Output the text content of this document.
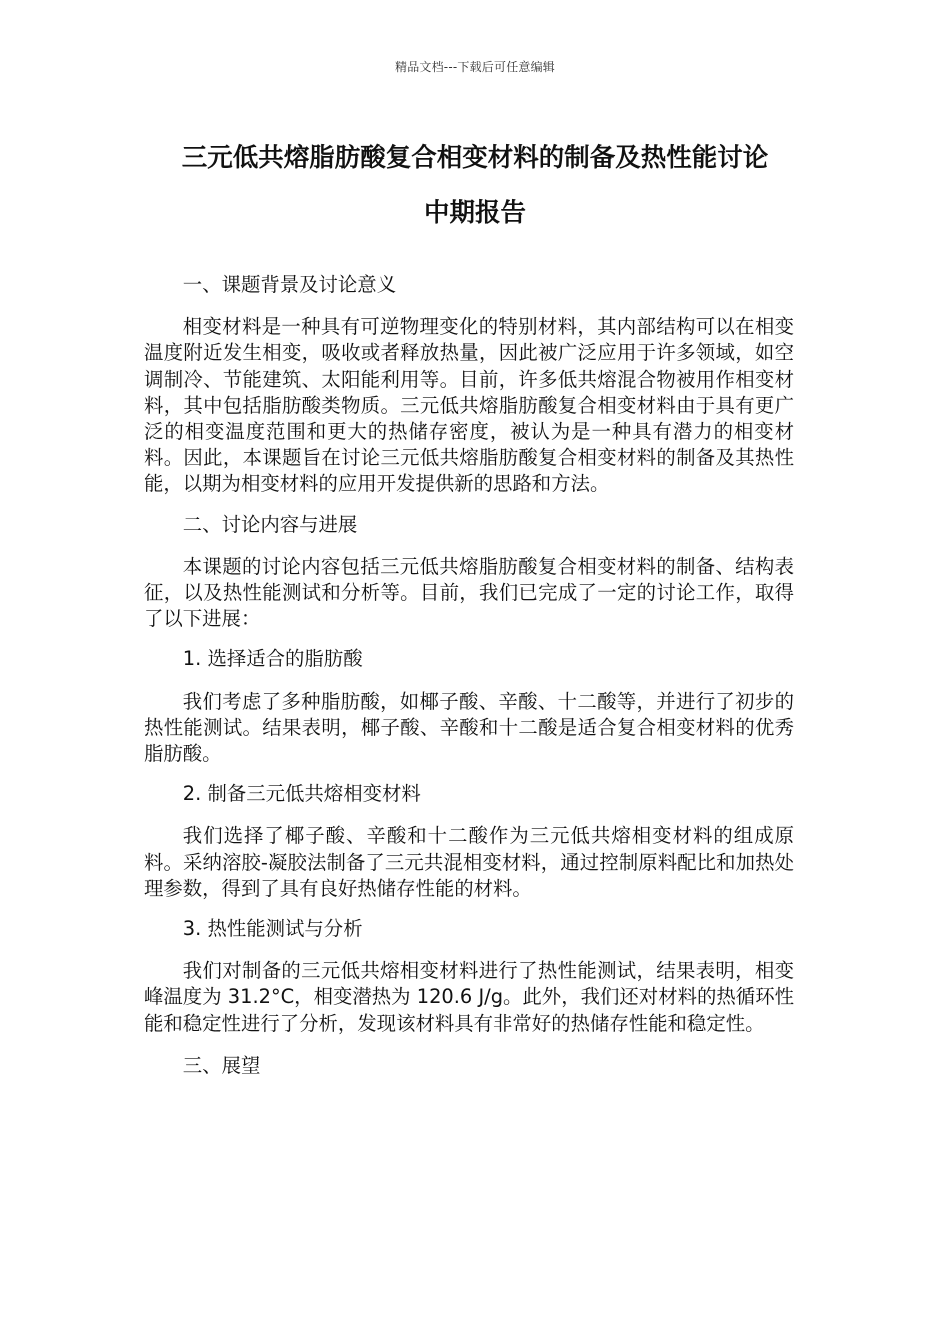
精品文档---下载后可任意编辑
三元低共熔脂肪酸复合相变材料的制备及热性能讨论
中期报告
一、课题背景及讨论意义

相变材料是一种具有可逆物理变化的特别材料，其内部结构可以在相变温度附近发生相变，吸收或者释放热量，因此被广泛应用于许多领域，如空调制冷、节能建筑、太阳能利用等。目前，许多低共熔混合物被用作相变材料，其中包括脂肪酸类物质。三元低共熔脂肪酸复合相变材料由于具有更广泛的相变温度范围和更大的热储存密度，被认为是一种具有潜力的相变材料。因此，本课题旨在讨论三元低共熔脂肪酸复合相变材料的制备及其热性能，以期为相变材料的应用开发提供新的思路和方法。

二、讨论内容与进展

本课题的讨论内容包括三元低共熔脂肪酸复合相变材料的制备、结构表征，以及热性能测试和分析等。目前，我们已完成了一定的讨论工作，取得了以下进展：

1. 选择适合的脂肪酸

我们考虑了多种脂肪酸，如椰子酸、辛酸、十二酸等，并进行了初步的热性能测试。结果表明，椰子酸、辛酸和十二酸是适合复合相变材料的优秀脂肪酸。

2. 制备三元低共熔相变材料

我们选择了椰子酸、辛酸和十二酸作为三元低共熔相变材料的组成原料。采纳溶胶-凝胶法制备了三元共混相变材料，通过控制原料配比和加热处理参数，得到了具有良好热储存性能的材料。

3. 热性能测试与分析

我们对制备的三元低共熔相变材料进行了热性能测试，结果表明，相变峰温度为 31.2°C，相变潜热为 120.6 J/g。此外，我们还对材料的热循环性能和稳定性进行了分析，发现该材料具有非常好的热储存性能和稳定性。

三、展望
